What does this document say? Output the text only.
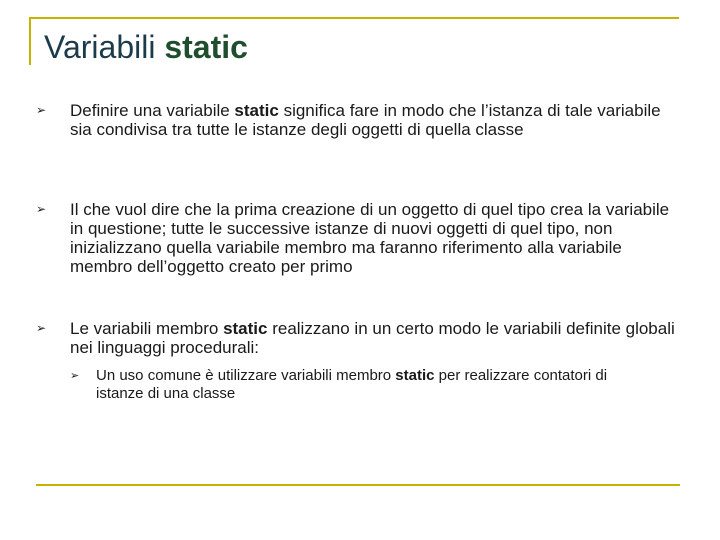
Variabili static
➢	Definire una variabile static significa fare in modo che l’istanza di tale variabile sia condivisa tra tutte le istanze degli oggetti di quella classe

➢	Il che vuol dire che la prima creazione di un oggetto di quel tipo crea la variabile in questione; tutte le successive istanze di nuovi oggetti di quel tipo, non inizializzano quella variabile membro ma faranno riferimento alla variabile membro dell’oggetto creato per primo

➢	Le variabili membro static realizzano in un certo modo le variabili definite globali nei linguaggi procedurali:

➢	Un uso comune è utilizzare variabili membro static per realizzare contatori di istanze di una classe
